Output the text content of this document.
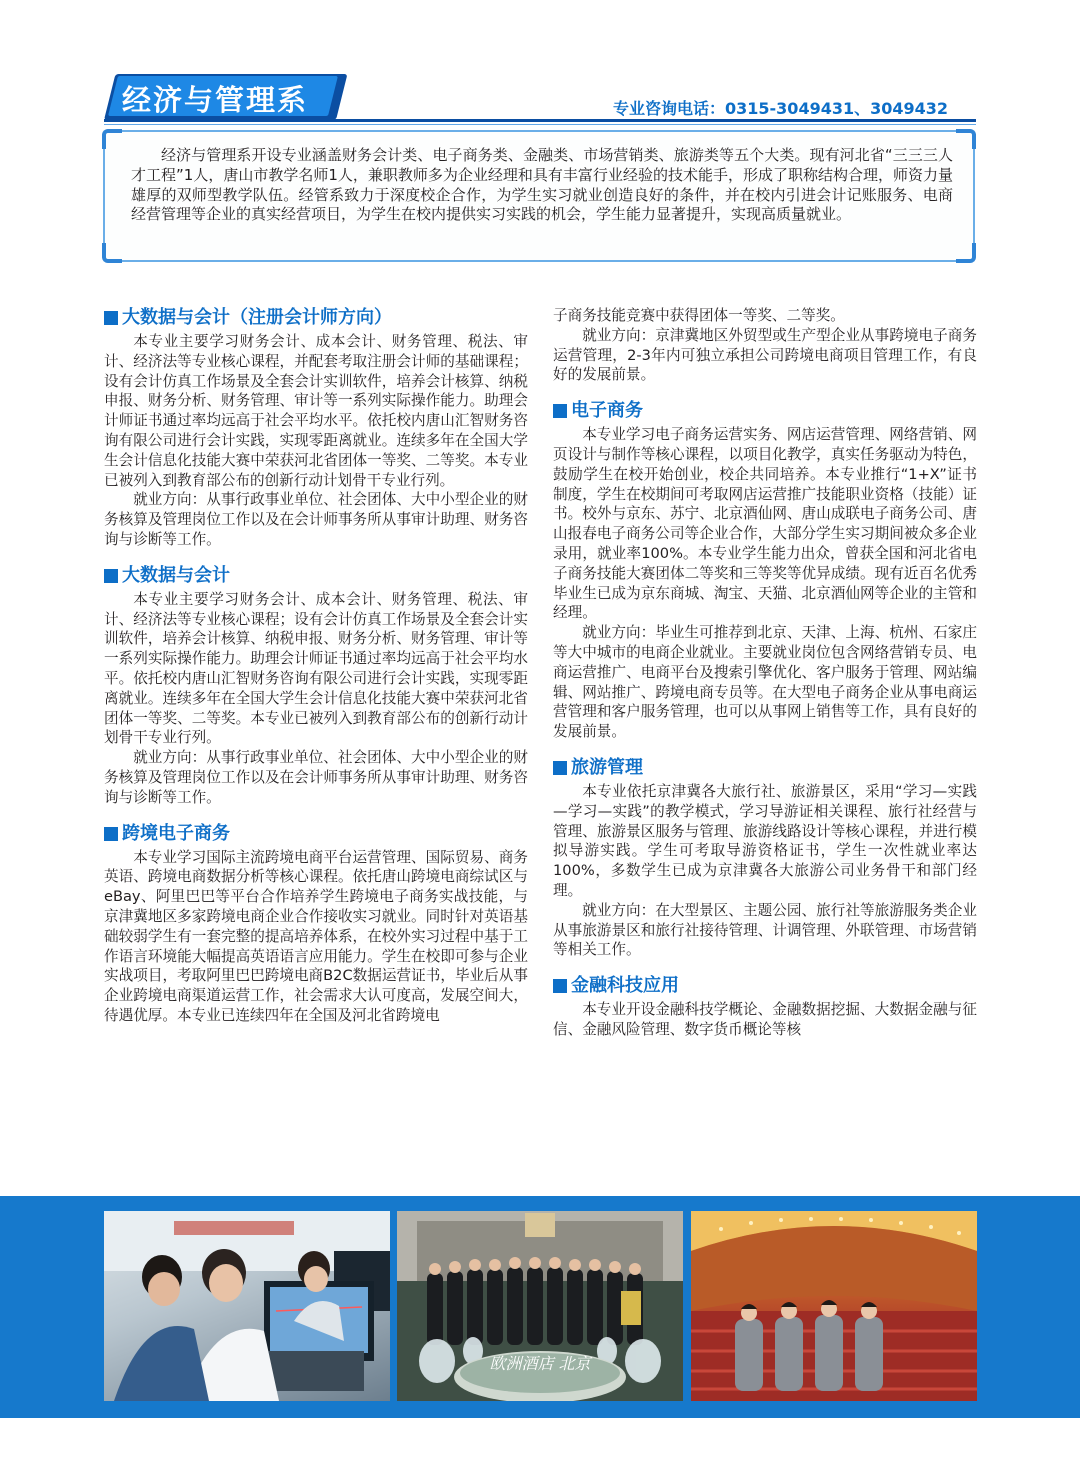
经济与管理系	专业咨询电话：0315-3049431、3049432

经济与管理系开设专业涵盖财务会计类、电子商务类、金融类、市场营销类、旅游类等五个大类。现有河北省“三三三人才工程”1人，唐山市教学名师1人，兼职教师多为企业经理和具有丰富行业经验的技术能手，形成了职称结构合理，师资力量雄厚的双师型教学队伍。经管系致力于深度校企合作，为学生实习就业创造良好的条件，并在校内引进会计记账服务、电商经营管理等企业的真实经营项目，为学生在校内提供实习实践的机会，学生能力显著提升，实现高质量就业。

大数据与会计（注册会计师方向）

本专业主要学习财务会计、成本会计、财务管理、税法、审计、经济法等专业核心课程，并配套考取注册会计师的基础课程；设有会计仿真工作场景及全套会计实训软件，培养会计核算、纳税申报、财务分析、财务管理、审计等一系列实际操作能力。助理会计师证书通过率均远高于社会平均水平。依托校内唐山汇智财务咨询有限公司进行会计实践，实现零距离就业。连续多年在全国大学生会计信息化技能大赛中荣获河北省团体一等奖、二等奖。本专业已被列入到教育部公布的创新行动计划骨干专业行列。

就业方向：从事行政事业单位、社会团体、大中小型企业的财务核算及管理岗位工作以及在会计师事务所从事审计助理、财务咨询与诊断等工作。

大数据与会计

本专业主要学习财务会计、成本会计、财务管理、税法、审计、经济法等专业核心课程；设有会计仿真工作场景及全套会计实训软件，培养会计核算、纳税申报、财务分析、财务管理、审计等一系列实际操作能力。助理会计师证书通过率均远高于社会平均水平。依托校内唐山汇智财务咨询有限公司进行会计实践，实现零距离就业。连续多年在全国大学生会计信息化技能大赛中荣获河北省团体一等奖、二等奖。本专业已被列入到教育部公布的创新行动计划骨干专业行列。

就业方向：从事行政事业单位、社会团体、大中小型企业的财务核算及管理岗位工作以及在会计师事务所从事审计助理、财务咨询与诊断等工作。

跨境电子商务

本专业学习国际主流跨境电商平台运营管理、国际贸易、商务英语、跨境电商数据分析等核心课程。依托唐山跨境电商综试区与eBay、阿里巴巴等平台合作培养学生跨境电子商务实战技能，与京津冀地区多家跨境电商企业合作接收实习就业。同时针对英语基础较弱学生有一套完整的提高培养体系，在校外实习过程中基于工作语言环境能大幅提高英语语言应用能力。学生在校即可参与企业实战项目，考取阿里巴巴跨境电商B2C数据运营证书，毕业后从事企业跨境电商渠道运营工作，社会需求大认可度高，发展空间大，待遇优厚。本专业已连续四年在全国及河北省跨境电

子商务技能竞赛中获得团体一等奖、二等奖。

就业方向：京津冀地区外贸型或生产型企业从事跨境电子商务运营管理，2-3年内可独立承担公司跨境电商项目管理工作，有良好的发展前景。

电子商务

本专业学习电子商务运营实务、网店运营管理、网络营销、网页设计与制作等核心课程，以项目化教学，真实任务驱动为特色，鼓励学生在校开始创业，校企共同培养。本专业推行“1+X”证书制度，学生在校期间可考取网店运营推广技能职业资格（技能）证书。校外与京东、苏宁、北京酒仙网、唐山成联电子商务公司、唐山报春电子商务公司等企业合作，大部分学生实习期间被众多企业录用，就业率100%。本专业学生能力出众，曾获全国和河北省电子商务技能大赛团体二等奖和三等奖等优异成绩。现有近百名优秀毕业生已成为京东商城、淘宝、天猫、北京酒仙网等企业的主管和经理。

就业方向：毕业生可推荐到北京、天津、上海、杭州、石家庄等大中城市的电商企业就业。主要就业岗位包含网络营销专员、电商运营推广、电商平台及搜索引擎优化、客户服务于管理、网站编辑、网站推广、跨境电商专员等。在大型电子商务企业从事电商运营管理和客户服务管理，也可以从事网上销售等工作，具有良好的发展前景。

旅游管理

本专业依托京津冀各大旅行社、旅游景区，采用“学习—实践—学习—实践”的教学模式，学习导游证相关课程、旅行社经营与管理、旅游景区服务与管理、旅游线路设计等核心课程，并进行模拟导游实践。学生可考取导游资格证书，学生一次性就业率达100%，多数学生已成为京津冀各大旅游公司业务骨干和部门经理。

就业方向：在大型景区、主题公园、旅行社等旅游服务类企业从事旅游景区和旅行社接待管理、计调管理、外联管理、市场营销等相关工作。

金融科技应用

本专业开设金融科技学概论、金融数据挖掘、大数据金融与征信、金融风险管理、数字货币概论等核

欧洲酒店 北京
